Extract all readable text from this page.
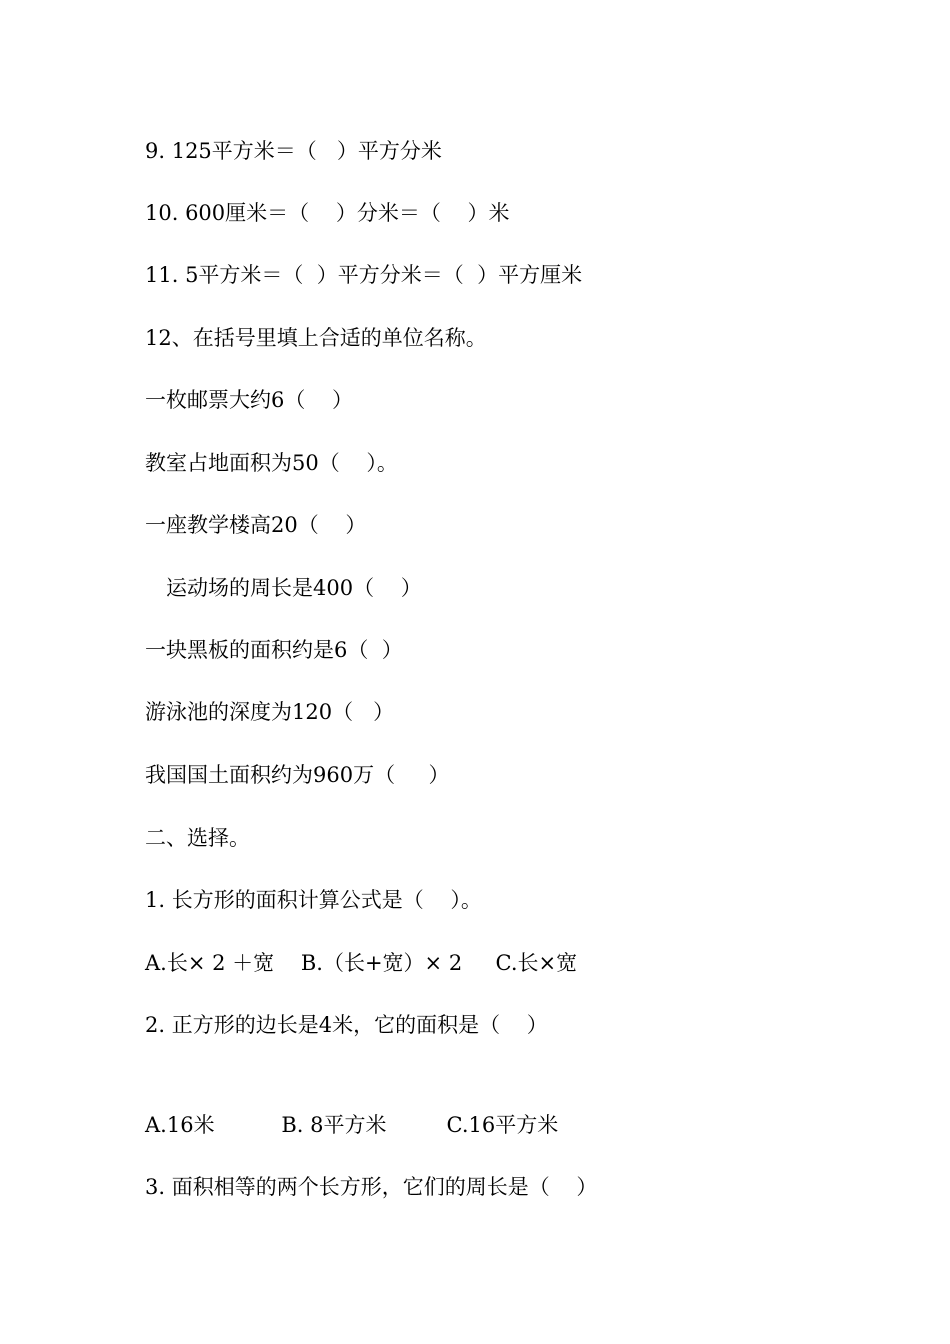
9. 125平方米＝（   ）平方分米
10. 600厘米＝（    ）分米＝（    ）米
11. 5平方米＝（  ）平方分米＝（  ）平方厘米
12、在括号里填上合适的单位名称。
一枚邮票大约6（    ）
教室占地面积为50（    ）。
一座教学楼高20（    ）
运动场的周长是400（    ）
一块黑板的面积约是6（  ）
游泳池的深度为120（   ）
我国国土面积约为960万（     ）
二、选择。
1. 长方形的面积计算公式是（    ）。
A.长× 2 ＋宽    B.（长+宽）× 2     C.长×宽
2. 正方形的边长是4米，它的面积是（    ）
A.16米          B. 8平方米         C.16平方米
3. 面积相等的两个长方形，它们的周长是（    ）
